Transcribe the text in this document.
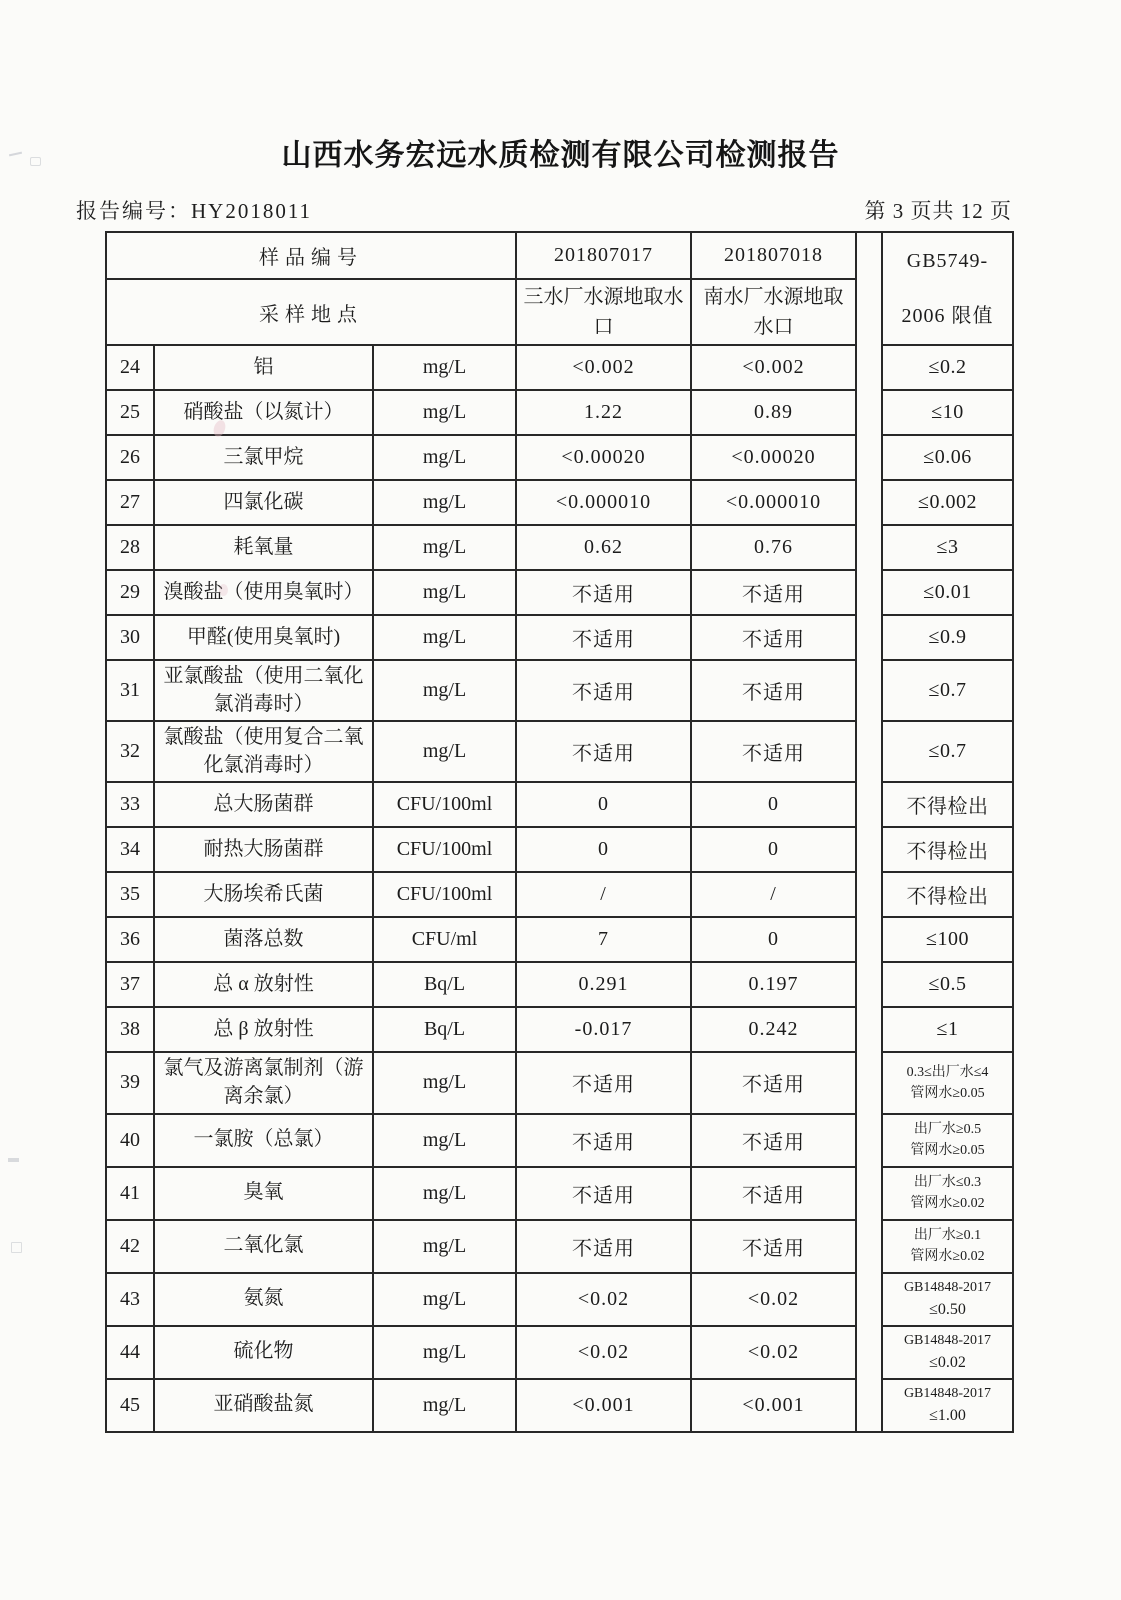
山西水务宏远水质检测有限公司检测报告
报告编号：HY2018011	第 3 页共 12 页
样品编号			201807017	201807018		GB5749-
2006 限值

采样地点			三水厂水源地取水口	南水厂水源地取水口		
24	铝	mg/L	<0.002	<0.002		≤0.2

25	硝酸盐（以氮计）	mg/L	1.22	0.89		≤10

26	三氯甲烷	mg/L	<0.00020	<0.00020		≤0.06

27	四氯化碳	mg/L	<0.000010	<0.000010		≤0.002

28	耗氧量	mg/L	0.62	0.76		≤3

29	溴酸盐（使用臭氧时）	mg/L	不适用	不适用		≤0.01

30	甲醛(使用臭氧时)	mg/L	不适用	不适用		≤0.9

31	亚氯酸盐（使用二氧化氯消毒时）	mg/L	不适用	不适用		≤0.7

32	氯酸盐（使用复合二氧化氯消毒时）	mg/L	不适用	不适用		≤0.7

33	总大肠菌群	CFU/100ml	0	0		不得检出

34	耐热大肠菌群	CFU/100ml	0	0		不得检出

35	大肠埃希氏菌	CFU/100ml	/	/		不得检出

36	菌落总数	CFU/ml	7	0		≤100

37	总 α 放射性	Bq/L	0.291	0.197		≤0.5

38	总 β 放射性	Bq/L	-0.017	0.242		≤1

39	氯气及游离氯制剂（游离余氯）	mg/L	不适用	不适用		0.3≤出厂水≤4
管网水≥0.05

40	一氯胺（总氯）	mg/L	不适用	不适用		出厂水≥0.5
管网水≥0.05

41	臭氧	mg/L	不适用	不适用		出厂水≤0.3
管网水≥0.02

42	二氧化氯	mg/L	不适用	不适用		出厂水≥0.1
管网水≥0.02

43	氨氮	mg/L	<0.02	<0.02		GB14848-2017
≤0.50

44	硫化物	mg/L	<0.02	<0.02		GB14848-2017
≤0.02

45	亚硝酸盐氮	mg/L	<0.001	<0.001		GB14848-2017
≤1.00
